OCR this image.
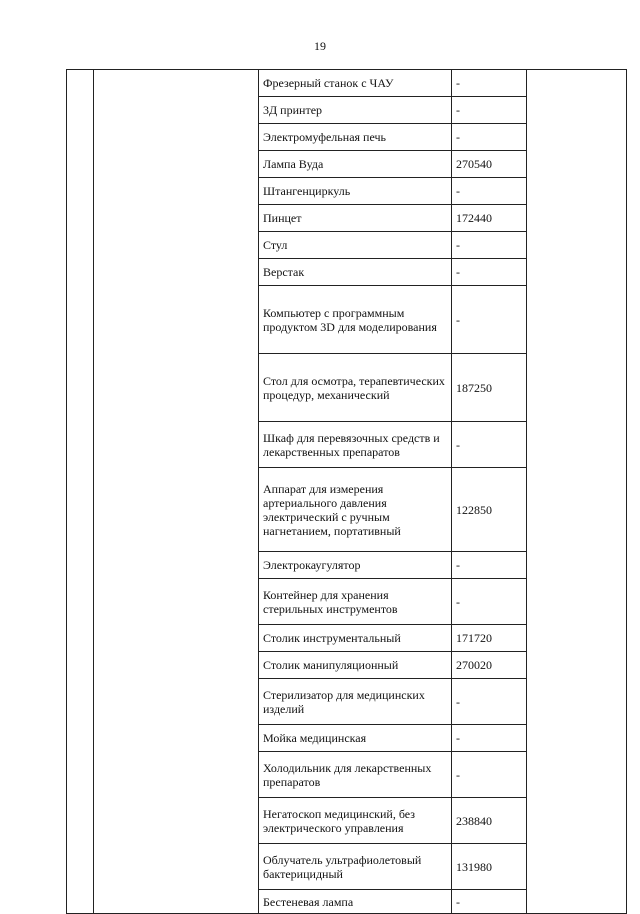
19
		Фрезерный станок с ЧАУ	-	
		3Д принтер	-	
		Электромуфельная печь	-	
		Лампа Вуда	270540	
		Штангенциркуль	-	
		Пинцет	172440	
		Стул	-	
		Верстак	-	
		Компьютер с программным продуктом 3D для моделирования	-	
		Стол для осмотра, терапевтических процедур, механический	187250	
		Шкаф для перевязочных средств и лекарственных препаратов	-	
		Аппарат для измерения артериального давления электрический с ручным нагнетанием, портативный	122850	
		Электрокаугулятор	-	
		Контейнер для хранения стерильных инструментов	-	
		Столик инструментальный	171720	
		Столик манипуляционный	270020	
		Стерилизатор для медицинских изделий	-	
		Мойка медицинская	-	
		Холодильник для лекарственных препаратов	-	
		Негатоскоп медицинский, без электрического управления	238840	
		Облучатель ультрафиолетовый бактерицидный	131980	
		Бестеневая лампа	-	
